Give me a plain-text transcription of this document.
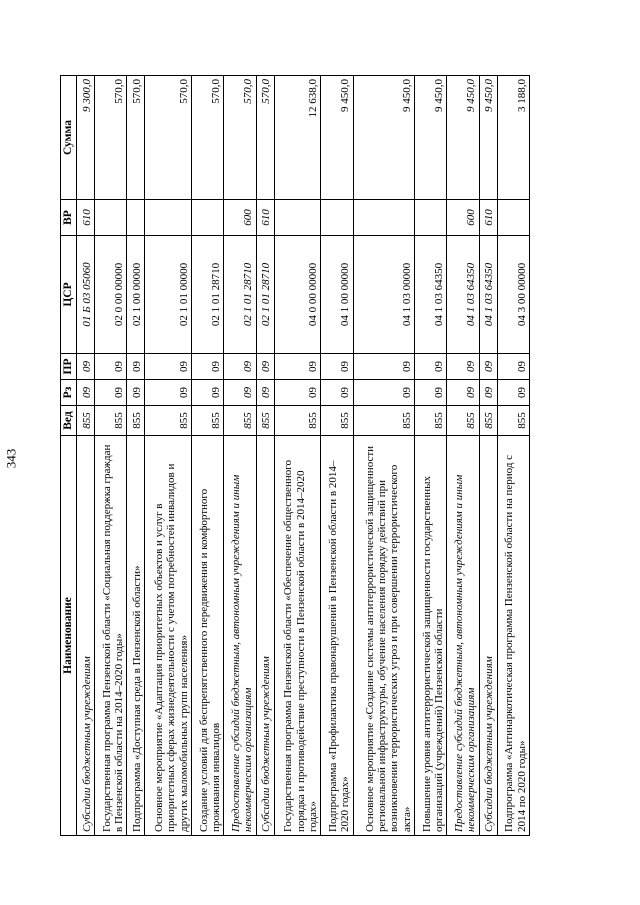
343
Наименование	Вед	Рз	ПР	ЦСР	ВР	Сумма
Субсидии бюджетным учреждениям	855	09	09	01 Б 03 05060	610	9 300,0
Государственная программа Пензенской области «Социальная поддержка граждан в Пензенской области на 2014–2020 годы»	855	09	09	02 0 00 00000		570,0
Подпрограмма «Доступная среда в Пензенской области»	855	09	09	02 1 00 00000		570,0
Основное мероприятие «Адаптация приоритетных объектов и услуг в приоритетных сферах жизнедеятельности с учетом потребностей инвалидов и других маломобильных групп населения»	855	09	09	02 1 01 00000		570,0
Создание условий для беспрепятственного передвижения и комфортного проживания инвалидов	855	09	09	02 1 01 28710		570,0
Предоставление субсидий бюджетным, автономным учреждениям и иным некоммерческим организациям	855	09	09	02 1 01 28710	600	570,0
Субсидии бюджетным учреждениям	855	09	09	02 1 01 28710	610	570,0
Государственная программа Пензенской области «Обеспечение общественного порядка и противодействие преступности в Пензенской области в 2014–2020 годах»	855	09	09	04 0 00 00000		12 638,0
Подпрограмма «Профилактика правонарушений в Пензенской области в 2014–2020 годах»	855	09	09	04 1 00 00000		9 450,0
Основное мероприятие «Создание системы антитеррористической защищенности региональной инфраструктуры, обучение населения порядку действий при возникновении террористических угроз и при совершении террористического акта»	855	09	09	04 1 03 00000		9 450,0
Повышение уровня антитеррористической защищенности государственных организаций (учреждений) Пензенской области	855	09	09	04 1 03 64350		9 450,0
Предоставление субсидий бюджетным, автономным учреждениям и иным некоммерческим организациям	855	09	09	04 1 03 64350	600	9 450,0
Субсидии бюджетным учреждениям	855	09	09	04 1 03 64350	610	9 450,0
Подпрограмма «Антинаркотическая программа Пензенской области на период с 2014 по 2020 годы»	855	09	09	04 3 00 00000		3 188,0
